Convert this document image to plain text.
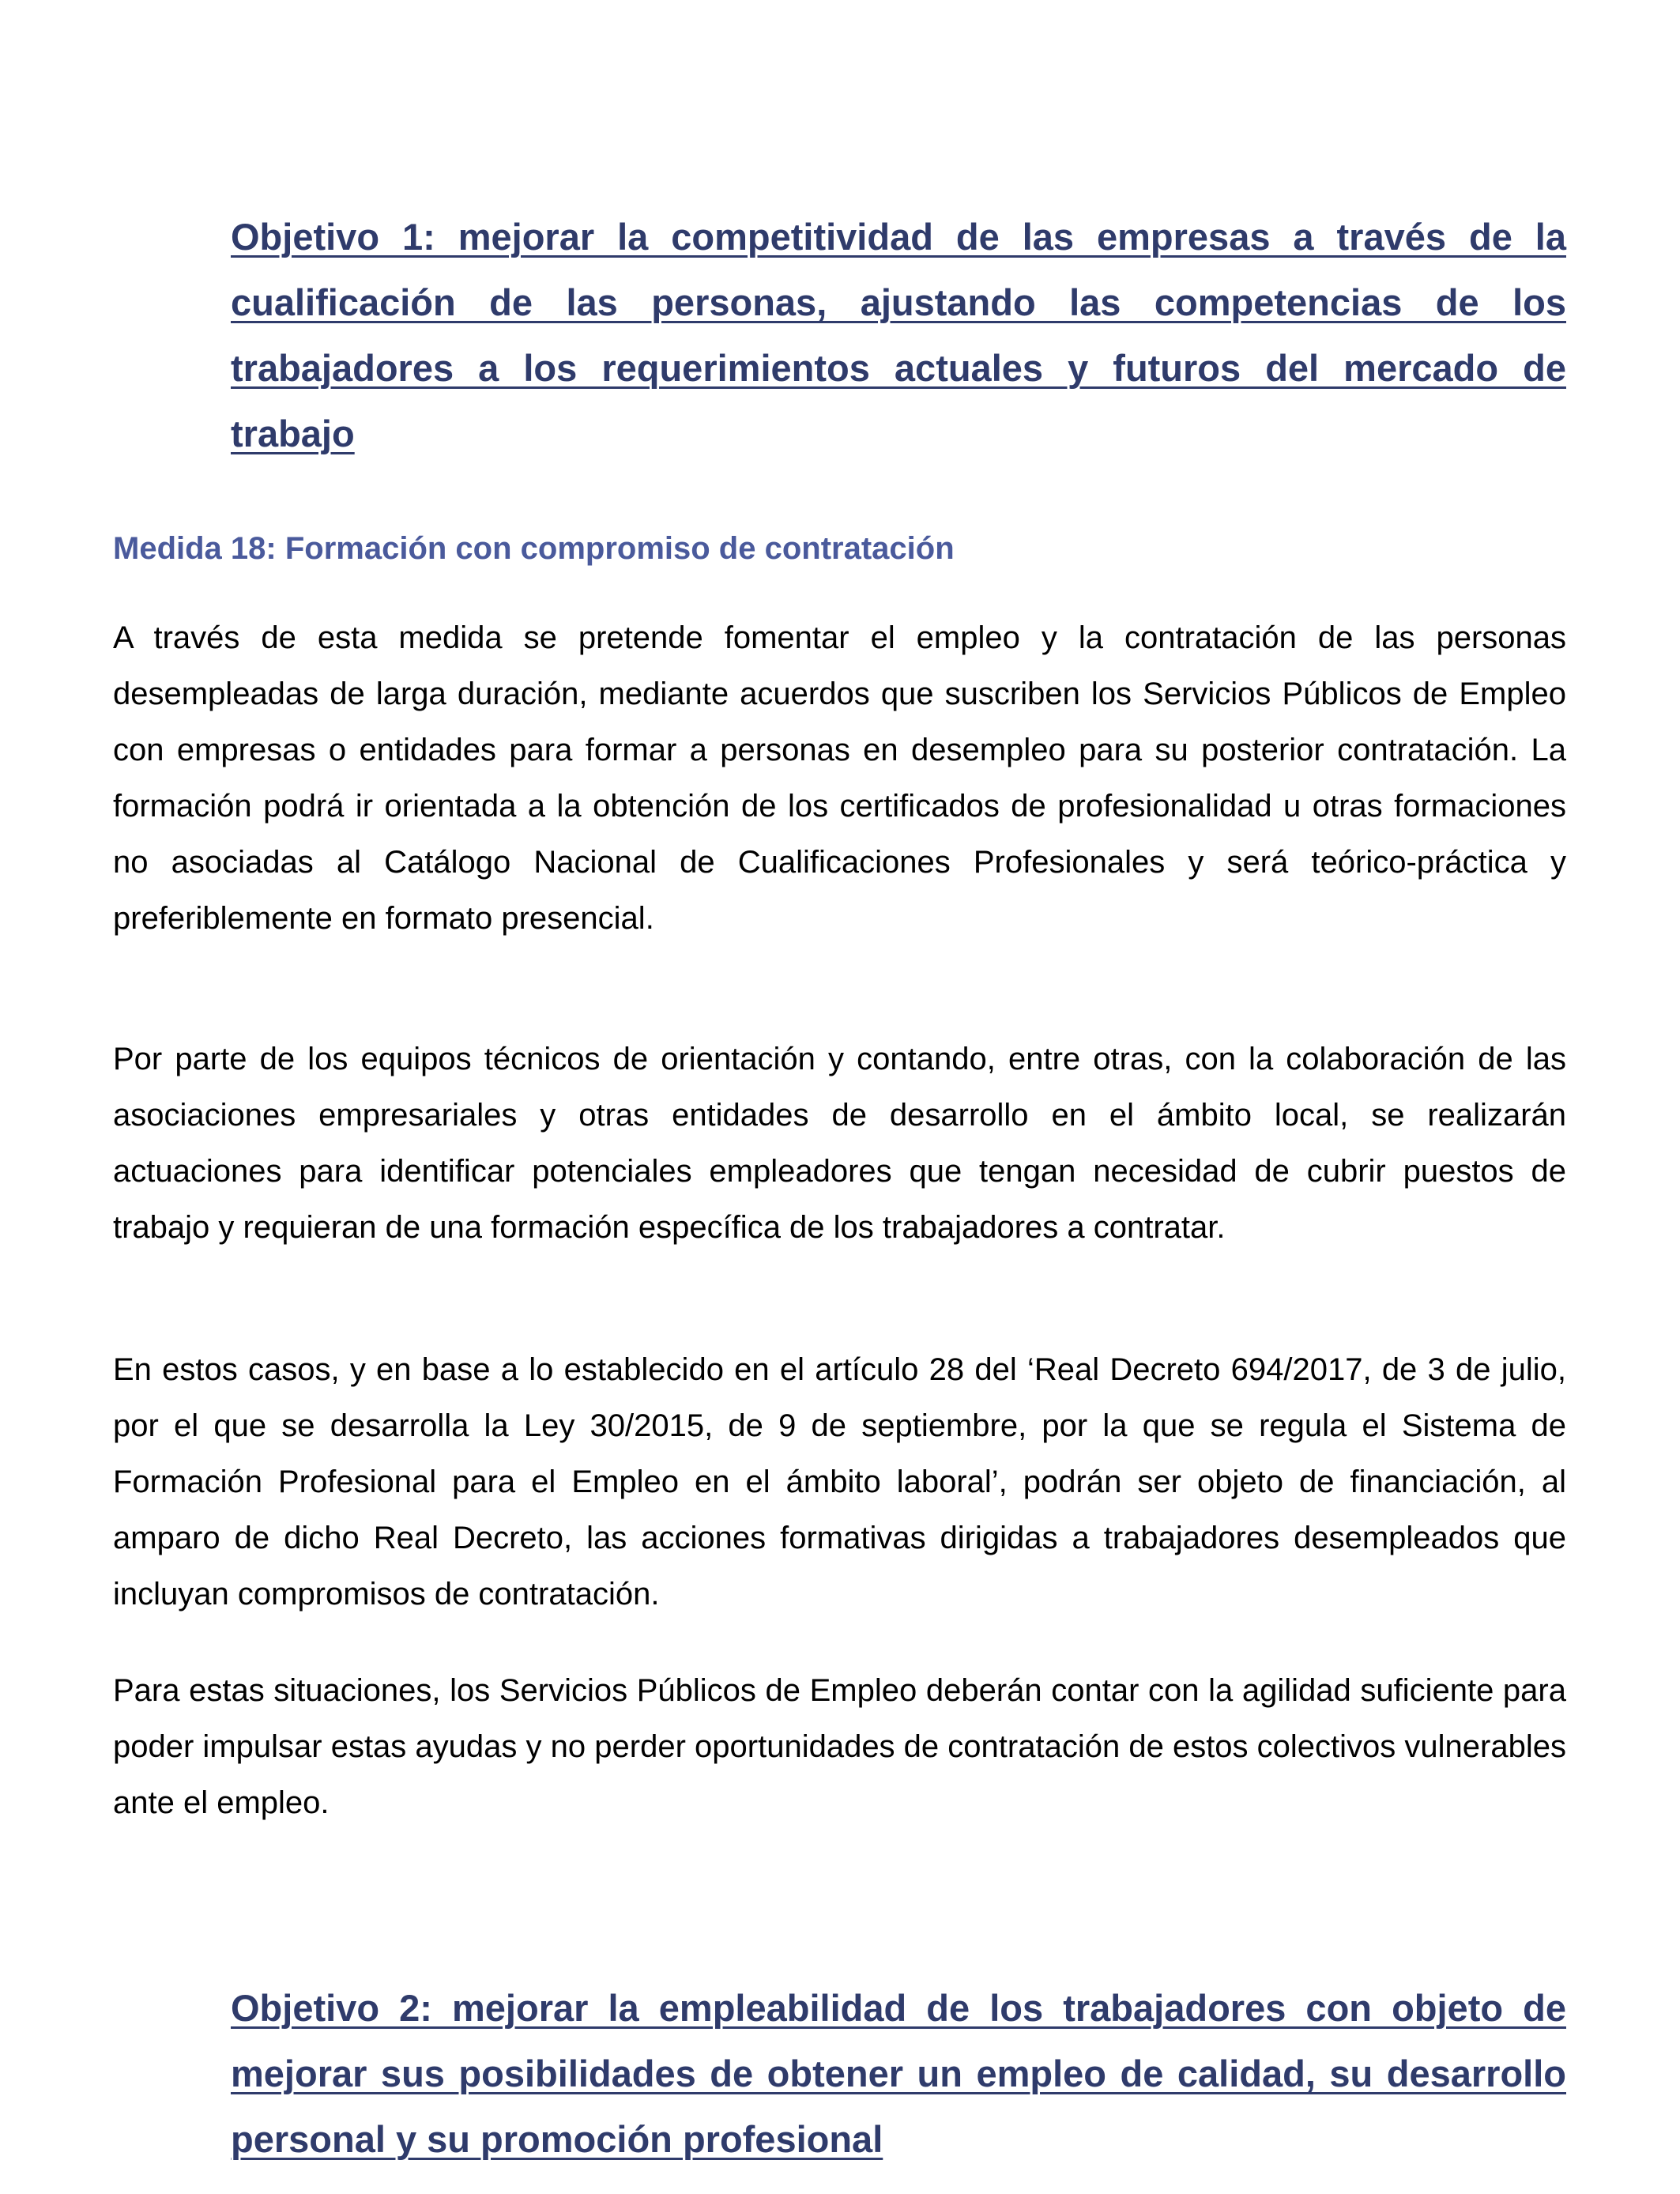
Objetivo 1: mejorar la competitividad de las empresas a través de la cualificación de las personas, ajustando las competencias de los trabajadores a los requerimientos actuales y futuros del mercado de trabajo
Medida 18: Formación con compromiso de contratación

A través de esta medida se pretende fomentar el empleo y la contratación de las personas desempleadas de larga duración, mediante acuerdos que suscriben los Servicios Públicos de Empleo con empresas o entidades para formar a personas en desempleo para su posterior contratación. La formación podrá ir orientada a la obtención de los certificados de profesionalidad u otras formaciones no asociadas al Catálogo Nacional de Cualificaciones Profesionales y será teórico-práctica y preferiblemente en formato presencial.

Por parte de los equipos técnicos de orientación y contando, entre otras, con la colaboración de las asociaciones empresariales y otras entidades de desarrollo en el ámbito local, se realizarán actuaciones para identificar potenciales empleadores que tengan necesidad de cubrir puestos de trabajo y requieran de una formación específica de los trabajadores a contratar.

En estos casos, y en base a lo establecido en el artículo 28 del ‘Real Decreto 694/2017, de 3 de julio, por el que se desarrolla la Ley 30/2015, de 9 de septiembre, por la que se regula el Sistema de Formación Profesional para el Empleo en el ámbito laboral’, podrán ser objeto de financiación, al amparo de dicho Real Decreto, las acciones formativas dirigidas a trabajadores desempleados que incluyan compromisos de contratación.

Para estas situaciones, los Servicios Públicos de Empleo deberán contar con la agilidad suficiente para poder impulsar estas ayudas y no perder oportunidades de contratación de estos colectivos vulnerables ante el empleo.

Objetivo 2: mejorar la empleabilidad de los trabajadores con objeto de mejorar sus posibilidades de obtener un empleo de calidad, su desarrollo personal y su promoción profesional
